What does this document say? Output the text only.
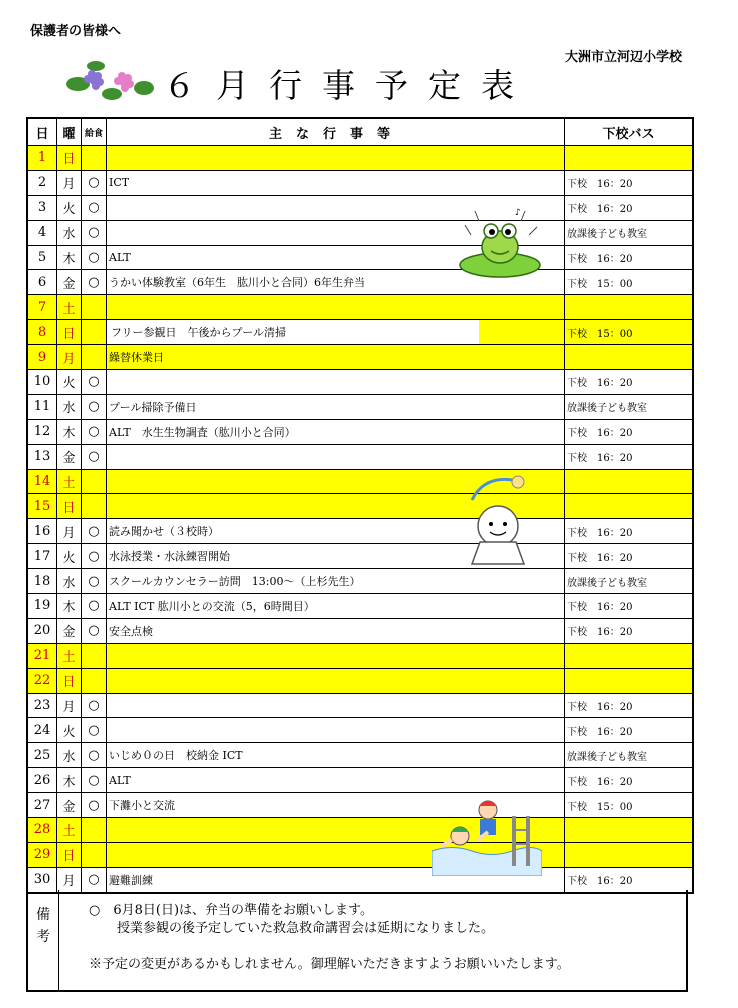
保護者の皆様へ
大洲市立河辺小学校
６月行事予定表
日	曜	給食	主な行事等	下校バス
1	日			
2	月	○	ICT	下校　16：20
3	火	○		下校　16：20
4	水	○		放課後子ども教室
5	木	○	ALT	下校　16：20
6	金	○	うかい体験教室（6年生　肱川小と合同）6年生弁当	下校　15：00
7	土			
8	日		フリー参観日　午後からプール清掃	下校　15：00
9	月		繰替休業日	
10	火	○		下校　16：20
11	水	○	プール掃除予備日	放課後子ども教室
12	木	○	ALT　水生生物調査（肱川小と合同）	下校　16：20
13	金	○		下校　16：20
14	土			
15	日			
16	月	○	読み聞かせ（３校時）	下校　16：20
17	火	○	水泳授業・水泳練習開始	下校　16：20
18	水	○	スクールカウンセラー訪問　13:00～（上杉先生）	放課後子ども教室
19	木	○	ALT ICT 肱川小との交流（5，6時間目）	下校　16：20
20	金	○	安全点検	下校　16：20
21	土			
22	日			
23	月	○		下校　16：20
24	火	○		下校　16：20
25	水	○	いじめ０の日　校納金 ICT	放課後子ども教室
26	木	○	ALT	下校　16：20
27	金	○	下灘小と交流	下校　15：00
28	土			
29	日			
30	月	○	避難訓練	下校　16：20
備
考

○　6月8日(日)は、弁当の準備をお願いします。
授業参観の後予定していた救急救命講習会は延期になりました。
※予定の変更があるかもしれません。御理解いただきますようお願いいたします。
♪
